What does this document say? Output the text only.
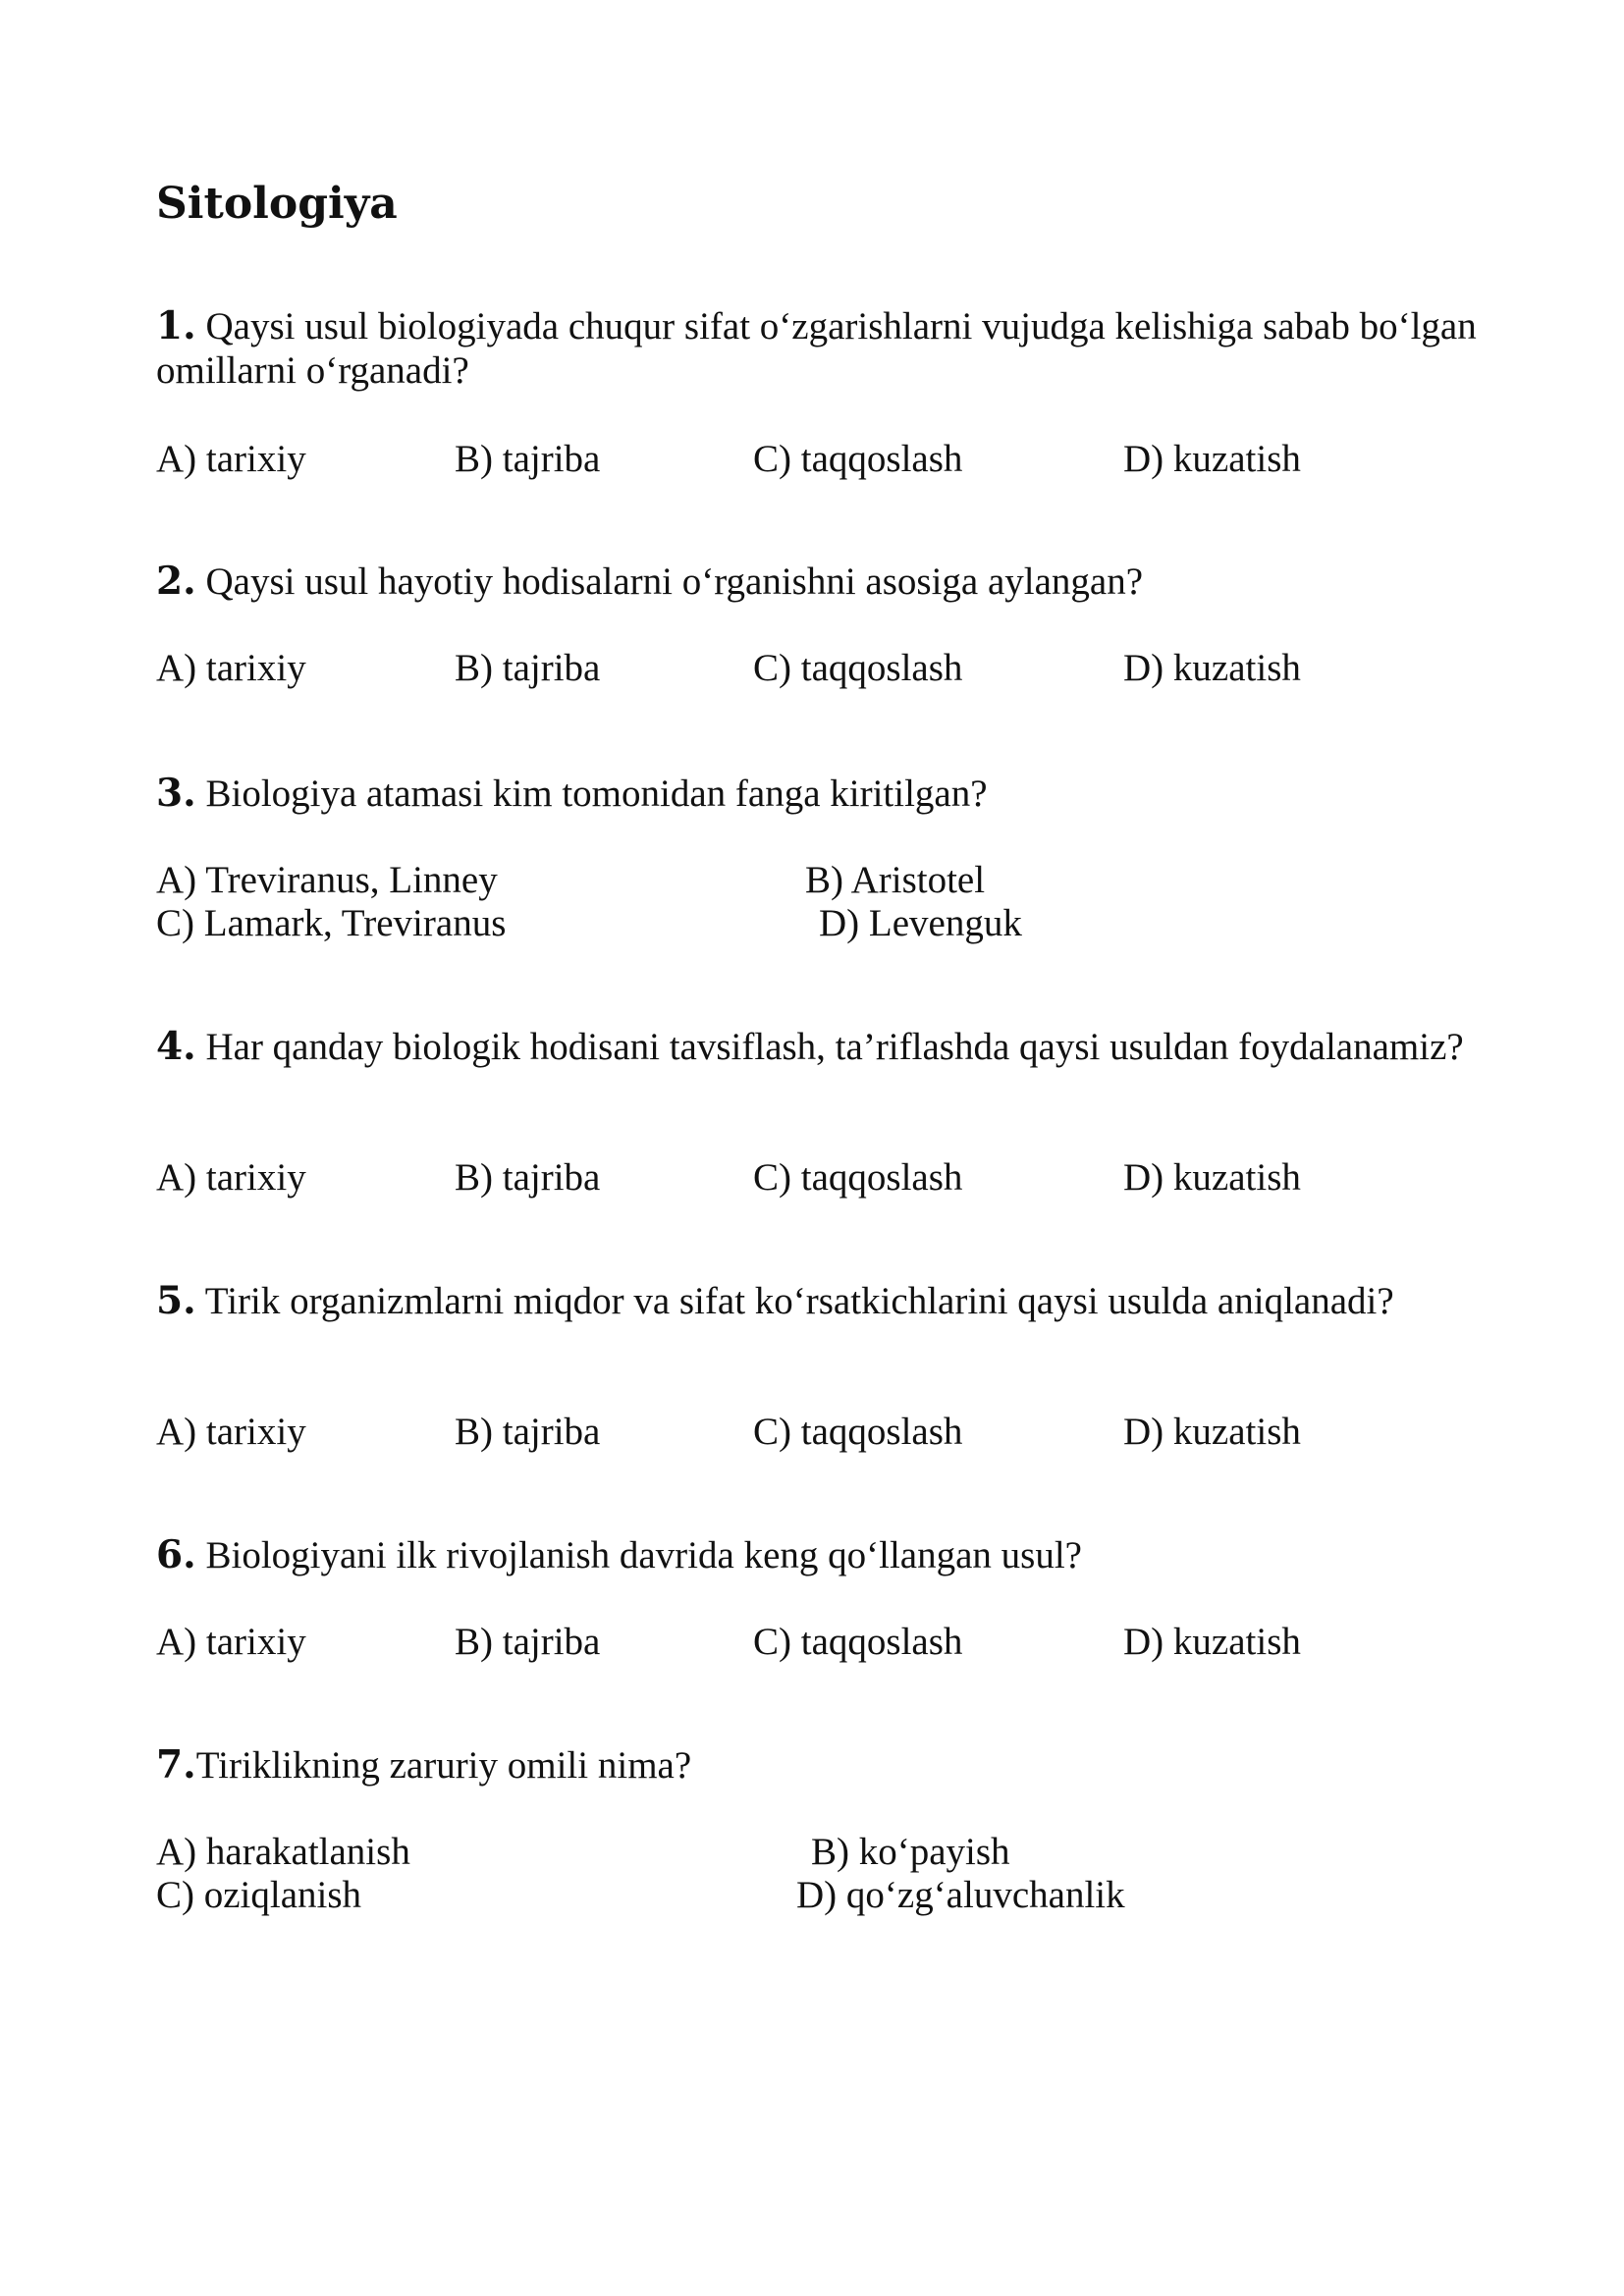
Sitologiya

1. Qaysi usul biologiyada chuqur sifat o‘zgarishlarni vujudga kelishiga sabab bo‘lgan omillarni o‘rganadi?

A) tarixiy	B) tajriba	C) taqqoslash	D) kuzatish

2. Qaysi usul hayotiy hodisalarni o‘rganishni asosiga aylangan?

A) tarixiy	B) tajriba	C) taqqoslash	D) kuzatish

3. Biologiya atamasi kim tomonidan fanga kiritilgan?

A) Treviranus, Linney	B) Aristotel

C) Lamark, Treviranus	D) Levenguk

4. Har qanday biologik hodisani tavsiflash, ta’riflashda qaysi usuldan foydalanamiz?

A) tarixiy	B) tajriba	C) taqqoslash	D) kuzatish

5. Tirik organizmlarni miqdor va sifat ko‘rsatkichlarini qaysi usulda aniqlanadi?

A) tarixiy	B) tajriba	C) taqqoslash	D) kuzatish

6. Biologiyani ilk rivojlanish davrida keng qo‘llangan usul?

A) tarixiy	B) tajriba	C) taqqoslash	D) kuzatish

7.Tiriklikning zaruriy omili nima?

A) harakatlanish	B) ko‘payish

C) oziqlanish	D) qo‘zg‘aluvchanlik
